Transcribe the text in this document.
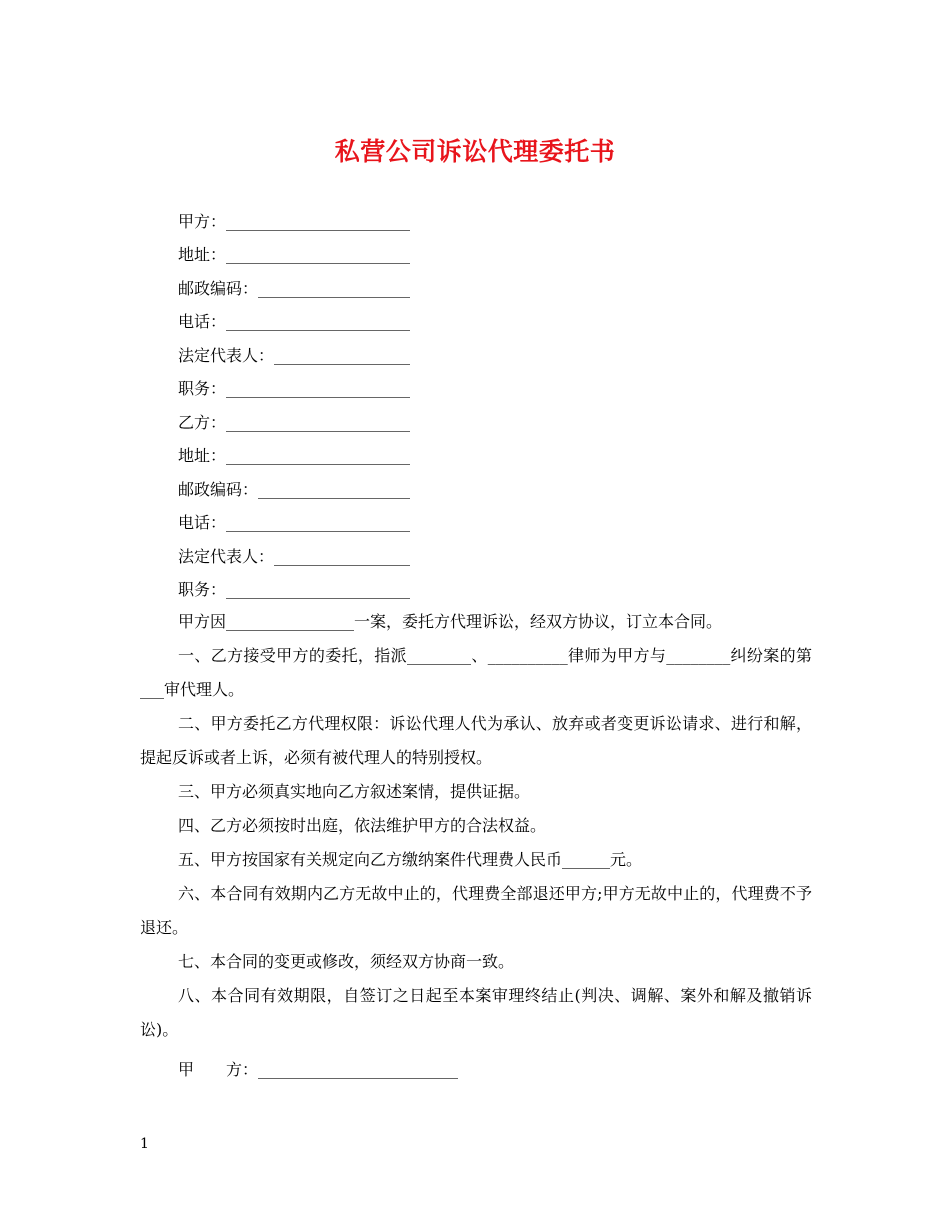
私营公司诉讼代理委托书
甲方：_______________________
地址：_______________________
邮政编码：___________________
电话：_______________________
法定代表人：_________________
职务：_______________________
乙方：_______________________
地址：_______________________
邮政编码：___________________
电话：_______________________
法定代表人：_________________
职务：_______________________

甲方因________________一案，委托方代理诉讼，经双方协议，订立本合同。

一、乙方接受甲方的委托，指派________、__________律师为甲方与________纠纷案的第___审代理人。

二、甲方委托乙方代理权限：诉讼代理人代为承认、放弃或者变更诉讼请求、进行和解，提起反诉或者上诉，必须有被代理人的特别授权。

三、甲方必须真实地向乙方叙述案情，提供证据。

四、乙方必须按时出庭，依法维护甲方的合法权益。

五、甲方按国家有关规定向乙方缴纳案件代理费人民币______元。

六、本合同有效期内乙方无故中止的，代理费全部退还甲方;甲方无故中止的，代理费不予退还。

七、本合同的变更或修改，须经双方协商一致。

八、本合同有效期限，自签订之日起至本案审理终结止(判决、调解、案外和解及撤销诉讼)。

甲　　方：_________________________
1
